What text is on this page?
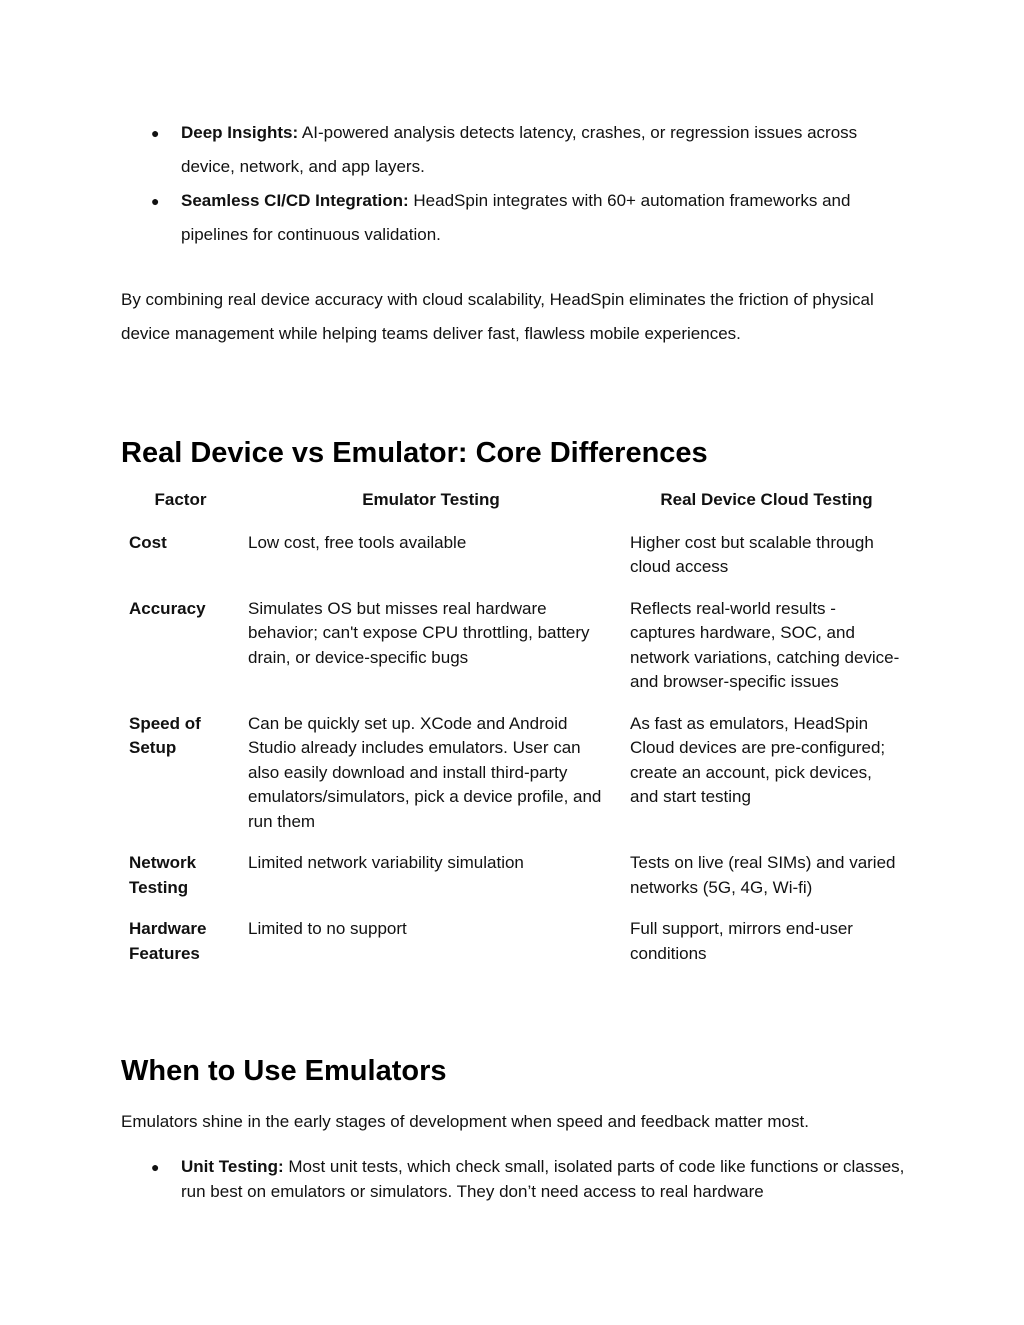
● Deep Insights: AI-powered analysis detects latency, crashes, or regression issues across device, network, and app layers.
● Seamless CI/CD Integration: HeadSpin integrates with 60+ automation frameworks and pipelines for continuous validation.

By combining real device accuracy with cloud scalability, HeadSpin eliminates the friction of physical device management while helping teams deliver fast, flawless mobile experiences.

Real Device vs Emulator: Core Differences
Factor	Emulator Testing	Real Device Cloud Testing
Cost	Low cost, free tools available	Higher cost but scalable through cloud access
Accuracy	Simulates OS but misses real hardware behavior; can't expose CPU throttling, battery drain, or device-specific bugs	Reflects real-world results - captures hardware, SOC, and network variations, catching device- and browser-specific issues
Speed of Setup	Can be quickly set up. XCode and Android Studio already includes emulators. User can also easily download and install third-party emulators/simulators, pick a device profile, and run them	As fast as emulators, HeadSpin Cloud devices are pre-configured; create an account, pick devices, and start testing
Network Testing	Limited network variability simulation	Tests on live (real SIMs) and varied networks (5G, 4G, Wi-fi)
Hardware Features	Limited to no support	Full support, mirrors end-user conditions
When to Use Emulators

Emulators shine in the early stages of development when speed and feedback matter most.

● Unit Testing: Most unit tests, which check small, isolated parts of code like functions or classes, run best on emulators or simulators. They don’t need access to real hardware
